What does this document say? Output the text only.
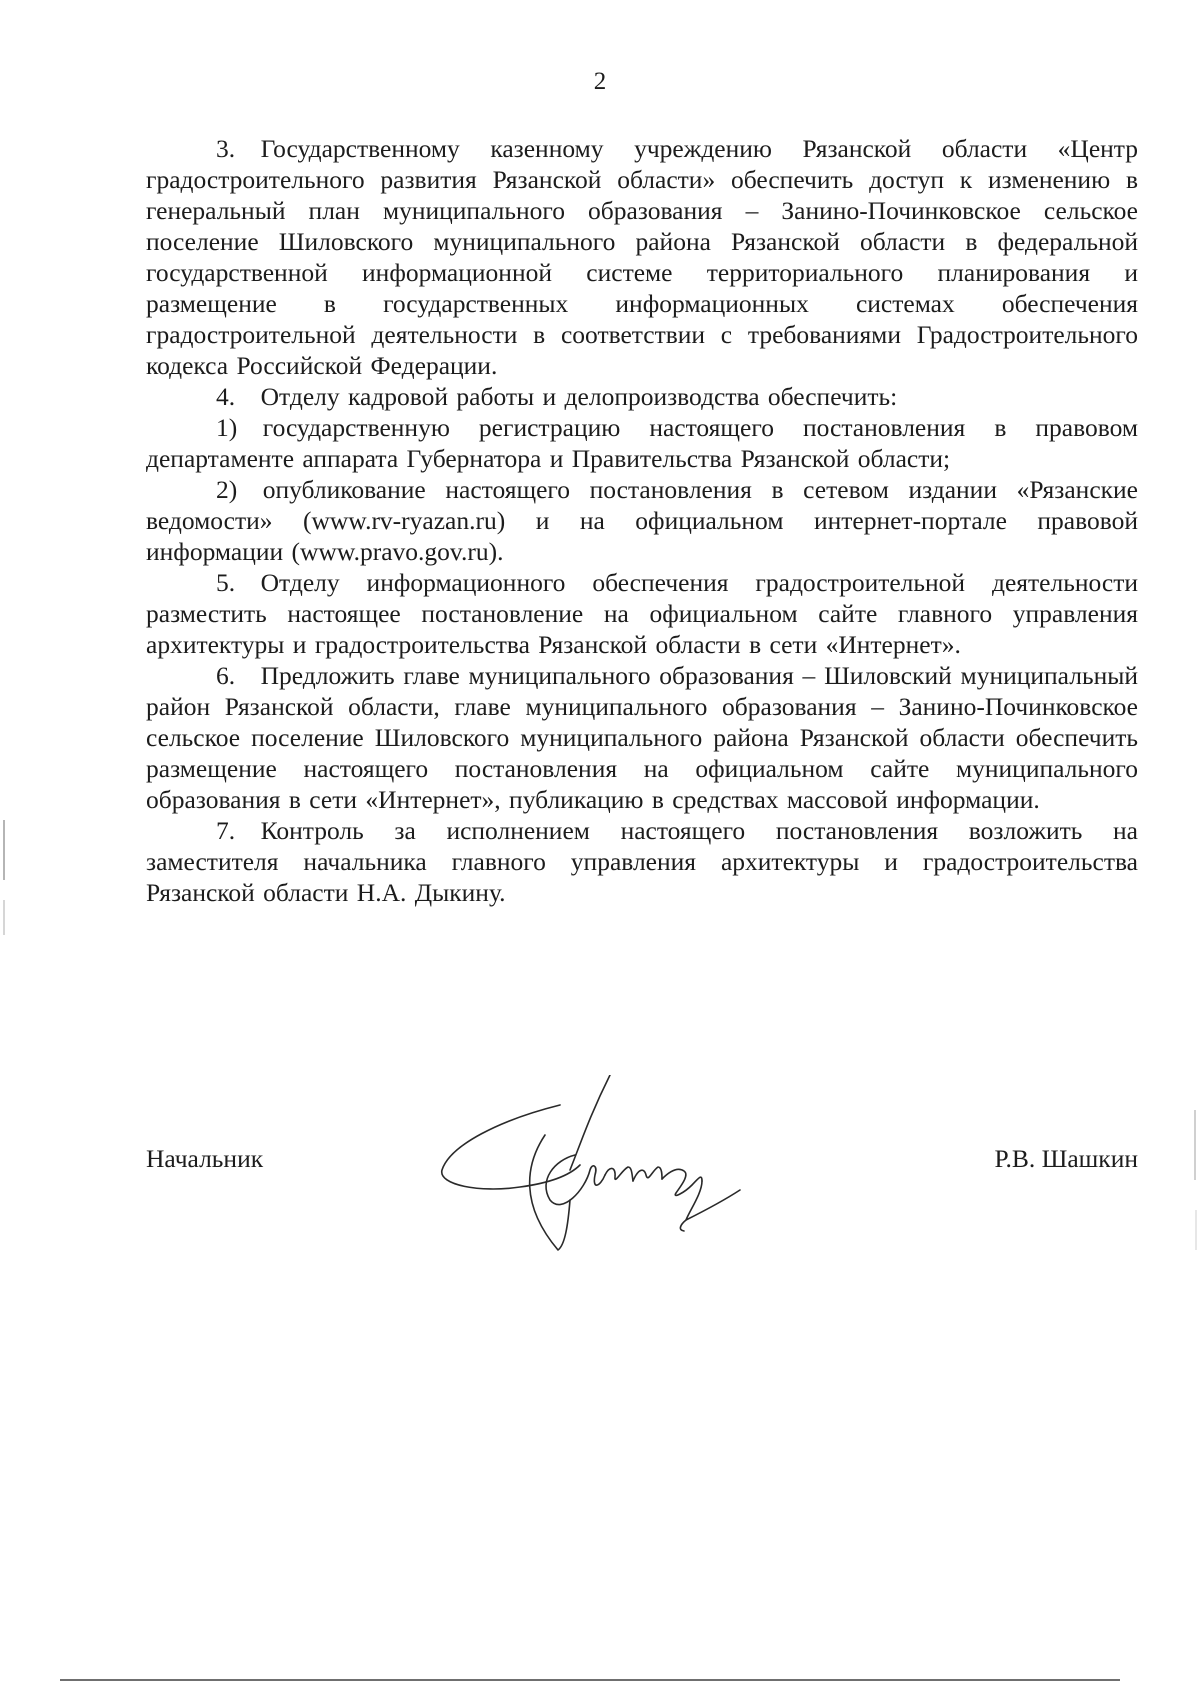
2

3. Государственному казенному учреждению Рязанской области «Центр градостроительного развития Рязанской области» обеспечить доступ к изменению в генеральный план муниципального образования – Занино-Починковское сельское поселение Шиловского муниципального района Рязанской области в федеральной государственной информационной системе территориального планирования и размещение в государственных информационных системах обеспечения градостроительной деятельности в соответствии с требованиями Градостроительного кодекса Российской Федерации.

4. Отделу кадровой работы и делопроизводства обеспечить:

1) государственную регистрацию настоящего постановления в правовом департаменте аппарата Губернатора и Правительства Рязанской области;

2) опубликование настоящего постановления в сетевом издании «Рязанские ведомости» (www.rv-ryazan.ru) и на официальном интернет-портале правовой информации (www.pravo.gov.ru).

5. Отделу информационного обеспечения градостроительной деятельности разместить настоящее постановление на официальном сайте главного управления архитектуры и градостроительства Рязанской области в сети «Интернет».

6. Предложить главе муниципального образования – Шиловский муниципальный район Рязанской области, главе муниципального образования – Занино-Починковское сельское поселение Шиловского муниципального района Рязанской области обеспечить размещение настоящего постановления на официальном сайте муниципального образования в сети «Интернет», публикацию в средствах массовой информации.

7. Контроль за исполнением настоящего постановления возложить на заместителя начальника главного управления архитектуры и градостроительства Рязанской области Н.А. Дыкину.

Начальник	Р.В. Шашкин
